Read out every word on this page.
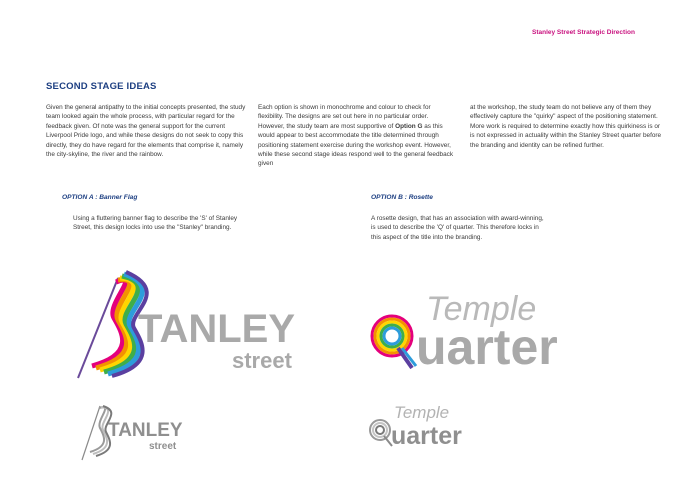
Stanley Street Strategic Direction
SECOND STAGE IDEAS

Given the general antipathy to the initial concepts presented, the study team looked again the whole process, with particular regard for the feedback given. Of note was the general support for the current Liverpool Pride logo, and while these designs do not seek to copy this directly, they do have regard for the elements that comprise it, namely the city-skyline, the river and the rainbow.

Each option is shown in monochrome and colour to check for flexibility. The designs are set out here in no particular order. However, the study team are most supportive of Option G as this would appear to best accommodate the title determined through positioning statement exercise during the workshop event. However, while these second stage ideas respond well to the general feedback given

at the workshop, the study team do not believe any of them they effectively capture the "quirky" aspect of the positioning statement. More work is required to determine exactly how this quirkiness is or is not expressed in actuality within the Stanley Street quarter before the branding and identity can be refined further.

OPTION A : Banner Flag
Using a fluttering banner flag to describe the 'S' of Stanley Street, this design locks into use the "Stanley" branding.
OPTION B : Rosette
A rosette design, that has an association with award-winning, is used to describe the 'Q' of quarter. This therefore locks in this aspect of the title into the branding.
TANLEY
street
TANLEY
street
Temple
uarter
Temple
uarter
